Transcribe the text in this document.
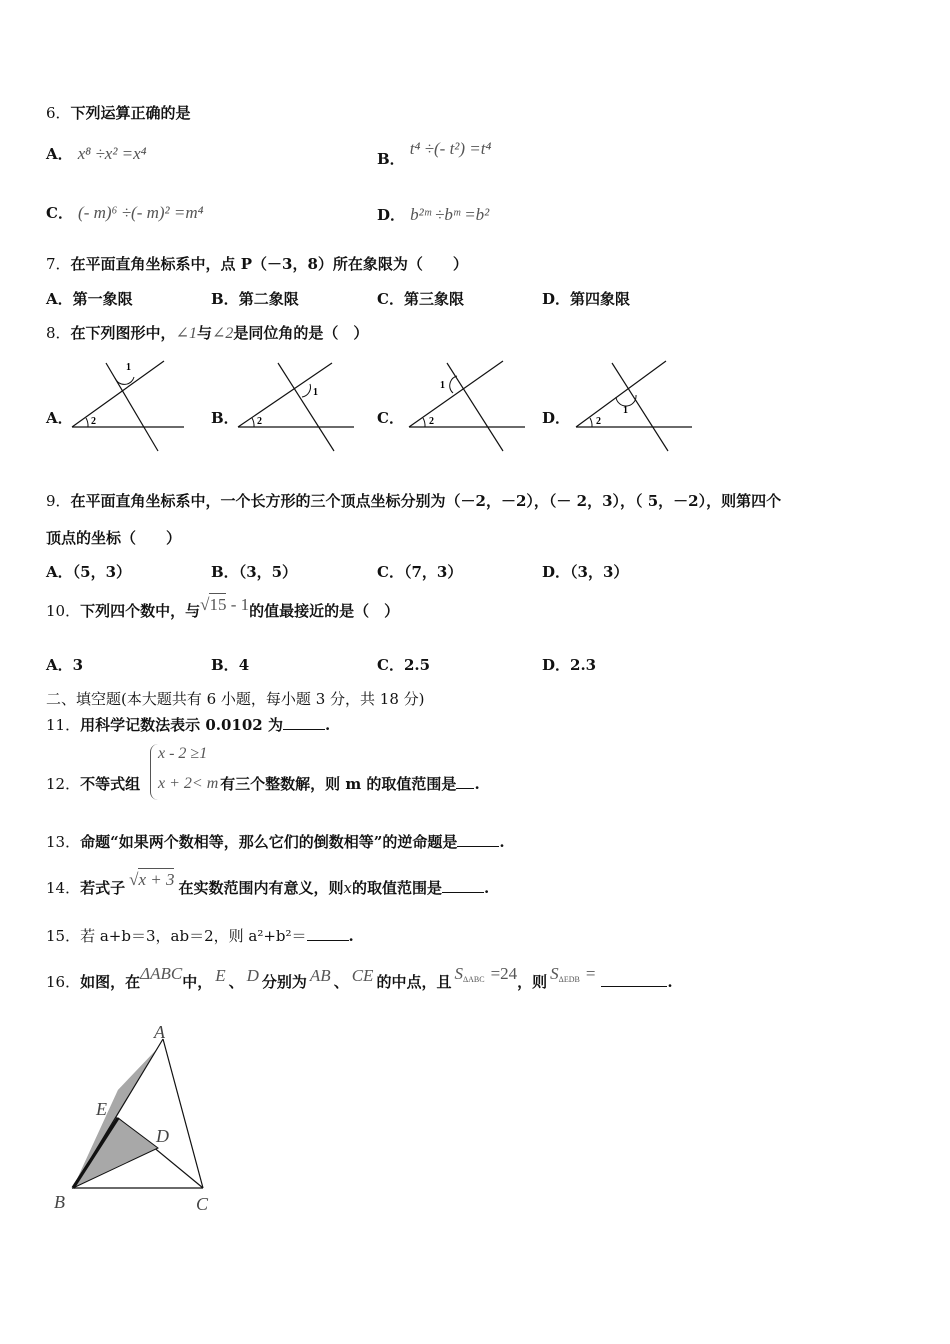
6．下列运算正确的是
A． x⁸ ÷x² =x⁴	B． t⁴ ÷(- t²) =t⁴
C． (- m)⁶ ÷(- m)² =m⁴	D． b²ᵐ ÷bᵐ =b²
7．在平面直角坐标系中，点 P（－3，8）所在象限为（　　）
A．第一象限	B．第二象限	C．第三象限	D．第四象限
8．在下列图形中，∠1与∠2是同位角的是（　）
A．
1
2	B．
1
2	C．
1
2	D．	1
2
9．在平面直角坐标系中，一个长方形的三个顶点坐标分别为（－2，－2），（－ 2，3），（ 5，－2），则第四个
顶点的坐标（　　）
A．（5，3）	B．（3，5）	C．（7，3）	D．（3，3）
10．下列四个数中，与√15 - 1的值最接近的是（　）
A．3	B．4	C．2.5	D．2.3
二、填空题(本大题共有 6 小题，每小题 3 分，共 18 分)
11．用科学记数法表示 0.0102 为	.
12．不等式组	有三个整数解，则 m 的取值范围是 .
x - 2 ≥1
x + 2< m
13．命题“如果两个数相等，那么它们的倒数相等”的逆命题是	.
14．若式子 √x + 3 在实数范围内有意义，则x的取值范围是	.
15．若 a+b＝3，ab＝2，则 a²+b²＝	.
16．如图，在ΔABC中， E 、 D 分别为 AB 、 CE 的中点，且 $S_{\Delta ABC} =24$，则 $S_{\Delta EDB}$ =	.
A
E
D
B	C
